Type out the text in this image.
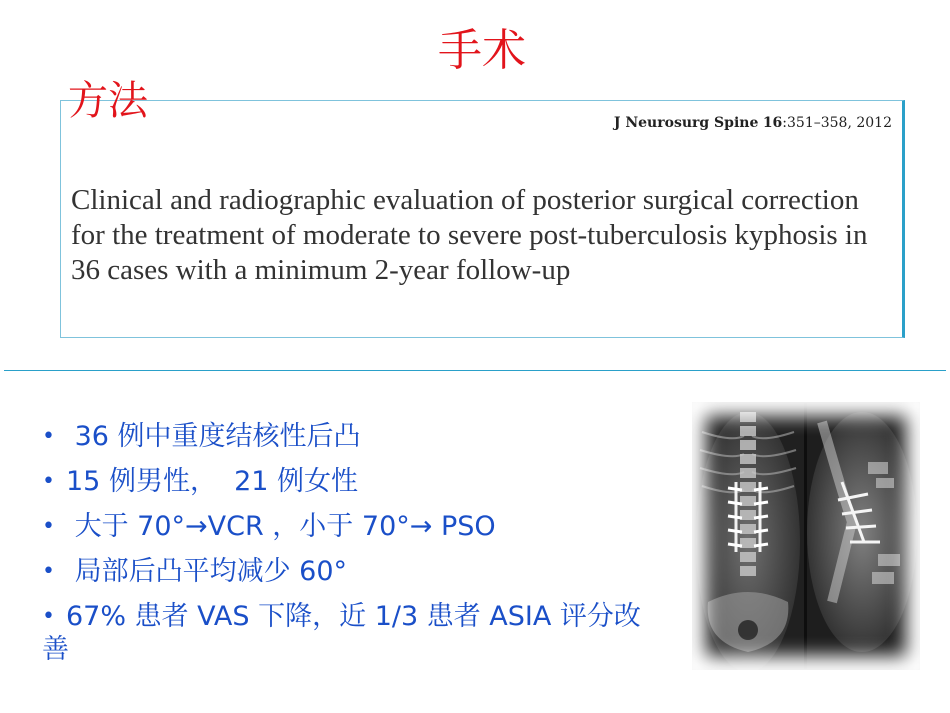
手术
方法	J Neurosurg Spine 16:351–358, 2012

Clinical and radiographic evaluation of posterior surgical correction for the treatment of moderate to severe post-tuberculosis kyphosis in 36 cases with a minimum 2-year follow-up

• 36 例中重度结核性后凸
• 15 例男性，  21 例女性
• 大于 70°→VCR ，小于 70°→ PSO
• 局部后凸平均减少 60°
• 67% 患者 VAS 下降，近 1/3 患者 ASIA 评分改善
